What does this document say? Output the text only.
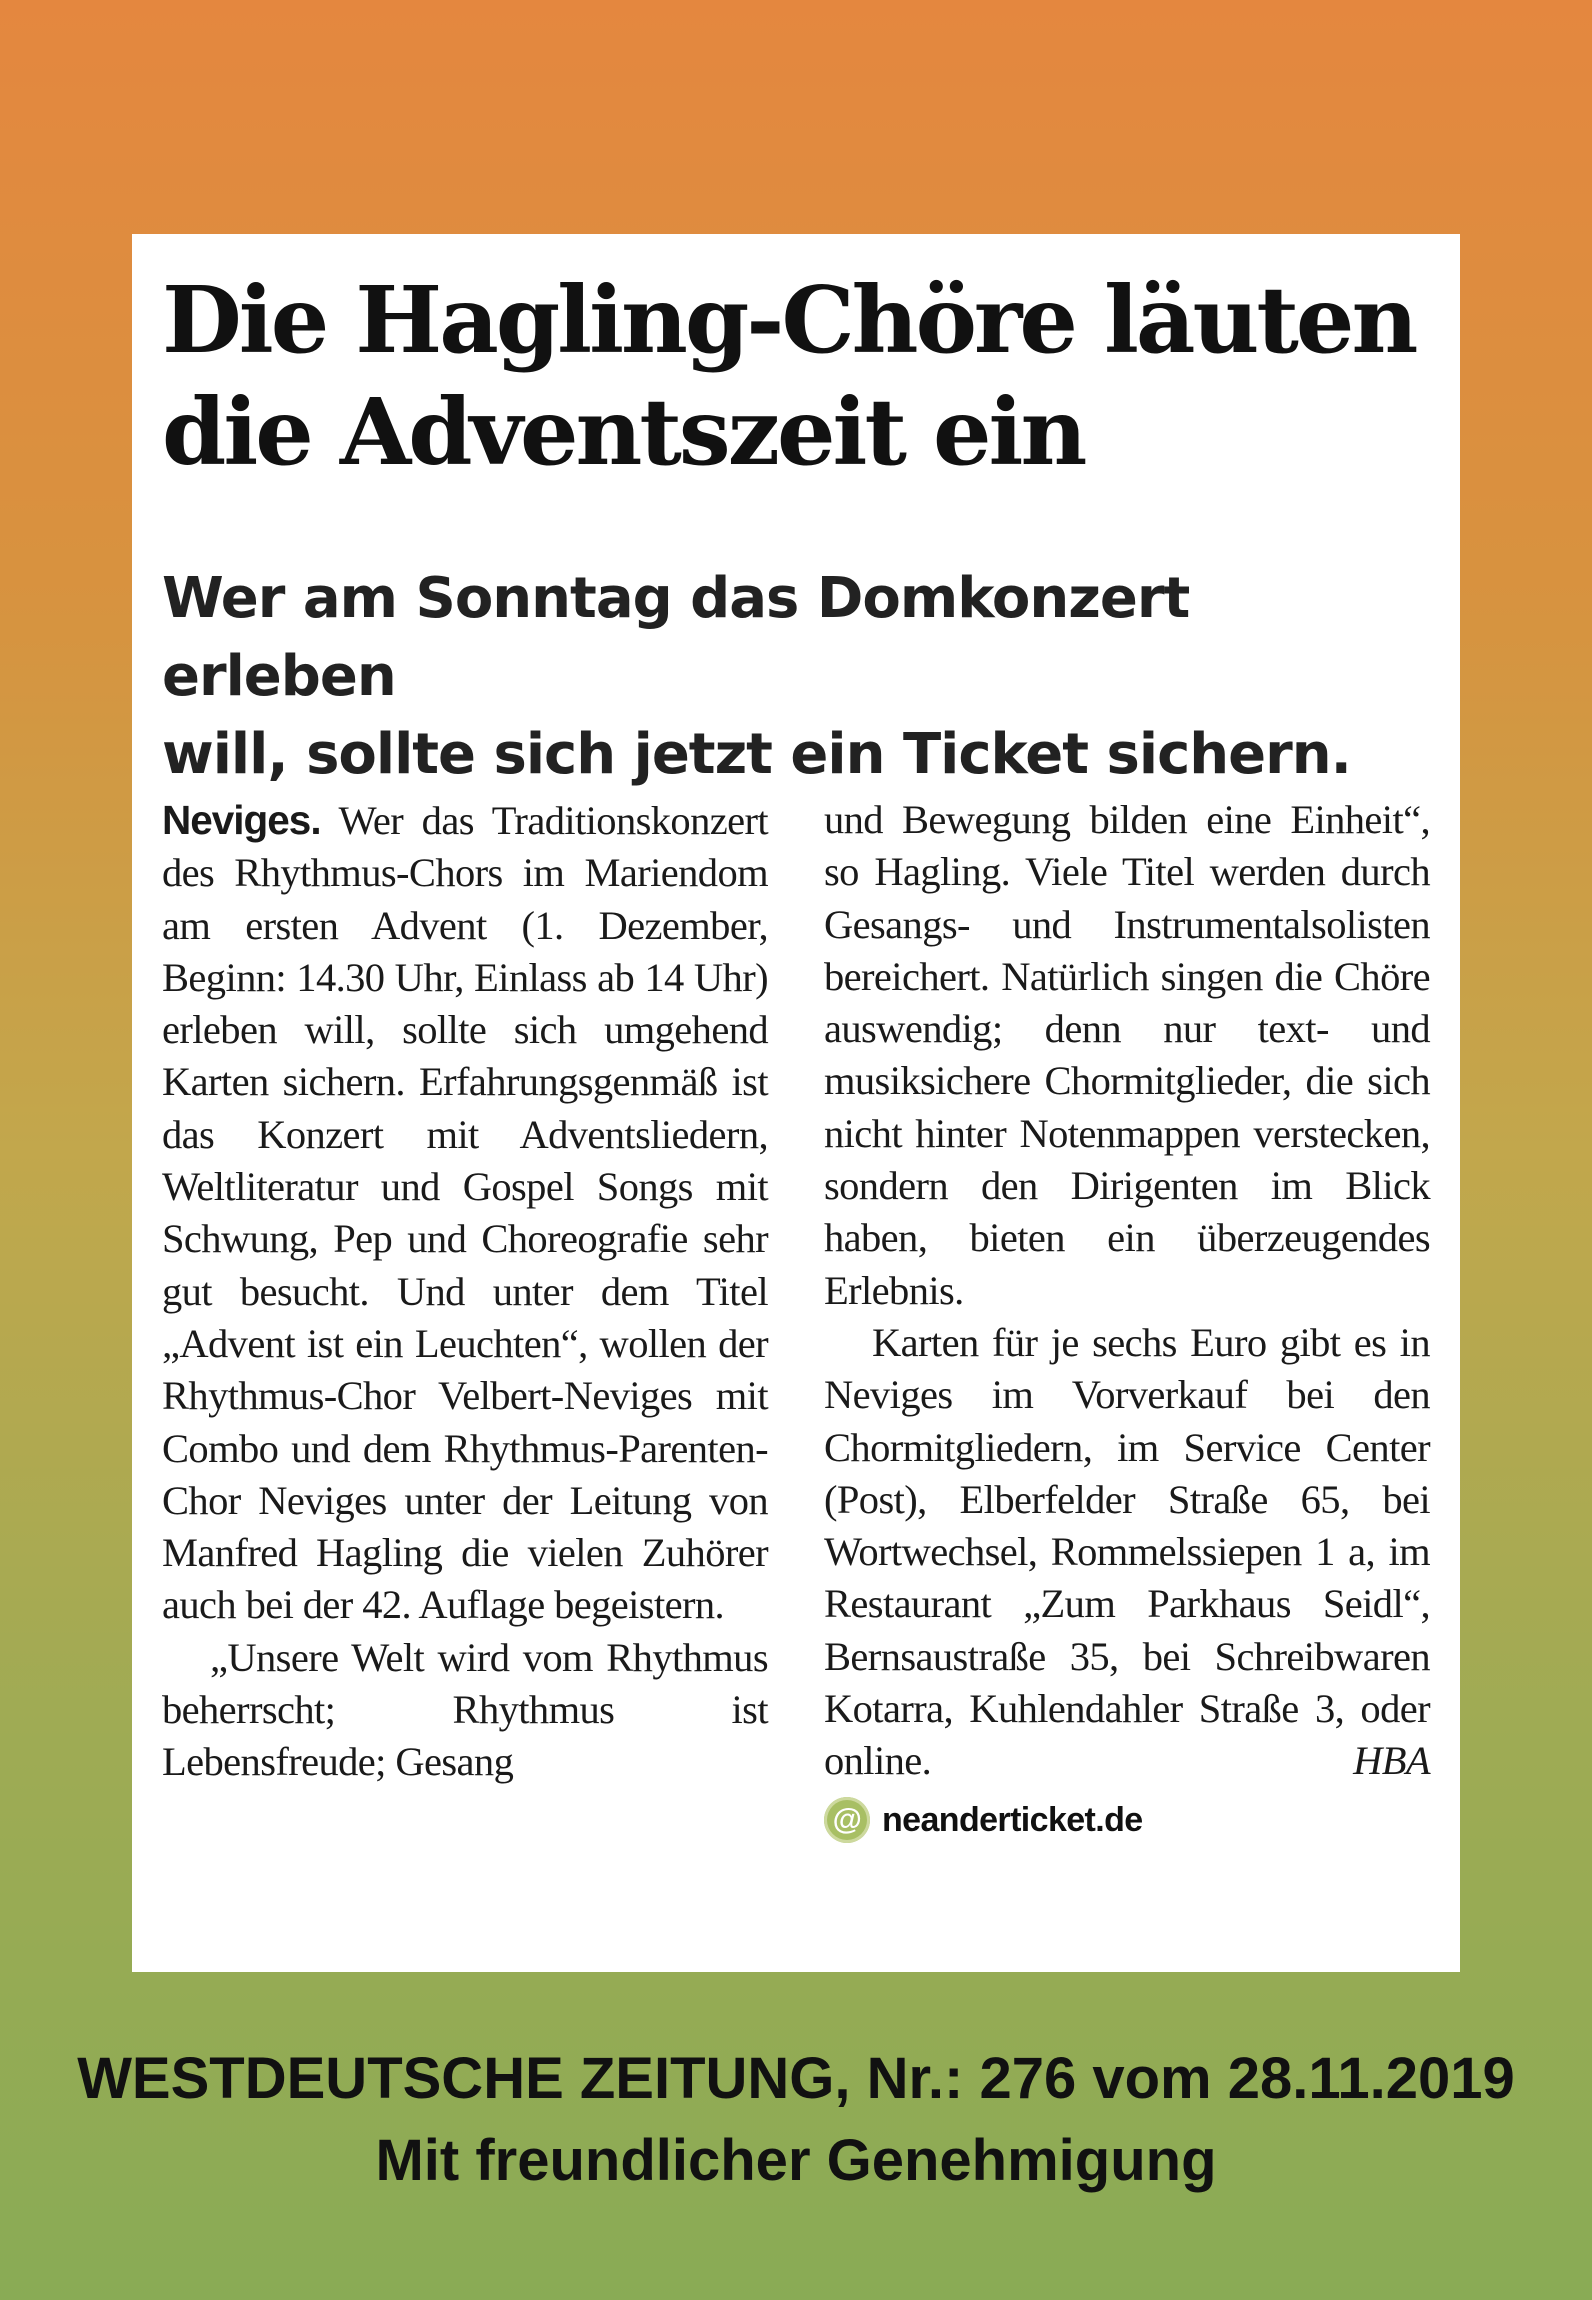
Die Hagling-Chöre läuten
die Adventszeit ein
Wer am Sonntag das Domkonzert erleben
will, sollte sich jetzt ein Ticket sichern.

Neviges. Wer das Traditionskonzert des Rhythmus-Chors im Mariendom am ersten Advent (1. Dezember, Beginn: 14.30 Uhr, Einlass ab 14 Uhr) erleben will, sollte sich umgehend Karten sichern. Erfahrungsgenmäß ist das Konzert mit Adventsliedern, Weltliteratur und Gospel Songs mit Schwung, Pep und Choreografie sehr gut besucht. Und unter dem Titel „Advent ist ein Leuchten“, wollen der Rhythmus-Chor Velbert-Neviges mit Combo und dem Rhythmus-Parenten-Chor Neviges unter der Leitung von Manfred Hagling die vielen Zuhörer auch bei der 42. Auflage begeistern.

„Unsere Welt wird vom Rhythmus beherrscht; Rhythmus ist Lebensfreude; Gesang

und Bewegung bilden eine Einheit“, so Hagling. Viele Titel werden durch Gesangs- und Instrumentalsolisten bereichert. Natürlich singen die Chöre auswendig; denn nur text- und musiksichere Chormitglieder, die sich nicht hinter Notenmappen verstecken, sondern den Dirigenten im Blick haben, bieten ein überzeugendes Erlebnis.

Karten für je sechs Euro gibt es in Neviges im Vorverkauf bei den Chormitgliedern, im Service Center (Post), Elberfelder Straße 65, bei Wortwechsel, Rommelssiepen 1 a, im Restaurant „Zum Parkhaus Seidl“, Bernsaustraße 35, bei Schreibwaren Kotarra, Kuhlendahler Straße 3, oder online.	HBA

@ neanderticket.de
WESTDEUTSCHE ZEITUNG, Nr.: 276 vom 28.11.2019
Mit freundlicher Genehmigung
